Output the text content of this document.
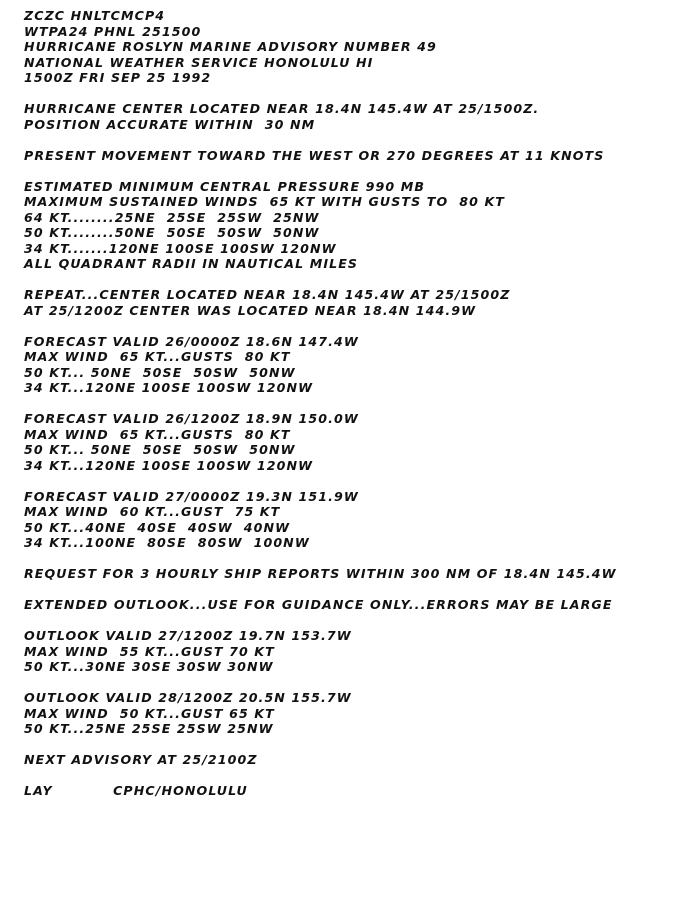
ZCZC HNLTCMCP4
WTPA24 PHNL 251500
HURRICANE ROSLYN MARINE ADVISORY NUMBER 49
NATIONAL WEATHER SERVICE HONOLULU HI
1500Z FRI SEP 25 1992
HURRICANE CENTER LOCATED NEAR 18.4N 145.4W AT 25/1500Z.
POSITION ACCURATE WITHIN  30 NM
PRESENT MOVEMENT TOWARD THE WEST OR 270 DEGREES AT 11 KNOTS
ESTIMATED MINIMUM CENTRAL PRESSURE 990 MB
MAXIMUM SUSTAINED WINDS  65 KT WITH GUSTS TO  80 KT
64 KT........25NE  25SE  25SW  25NW
50 KT........50NE  50SE  50SW  50NW
34 KT.......120NE 100SE 100SW 120NW
ALL QUADRANT RADII IN NAUTICAL MILES
REPEAT...CENTER LOCATED NEAR 18.4N 145.4W AT 25/1500Z
AT 25/1200Z CENTER WAS LOCATED NEAR 18.4N 144.9W
FORECAST VALID 26/0000Z 18.6N 147.4W
MAX WIND  65 KT...GUSTS  80 KT
50 KT... 50NE  50SE  50SW  50NW
34 KT...120NE 100SE 100SW 120NW
FORECAST VALID 26/1200Z 18.9N 150.0W
MAX WIND  65 KT...GUSTS  80 KT
50 KT... 50NE  50SE  50SW  50NW
34 KT...120NE 100SE 100SW 120NW
FORECAST VALID 27/0000Z 19.3N 151.9W
MAX WIND  60 KT...GUST  75 KT
50 KT...40NE  40SE  40SW  40NW
34 KT...100NE  80SE  80SW  100NW
REQUEST FOR 3 HOURLY SHIP REPORTS WITHIN 300 NM OF 18.4N 145.4W
EXTENDED OUTLOOK...USE FOR GUIDANCE ONLY...ERRORS MAY BE LARGE
OUTLOOK VALID 27/1200Z 19.7N 153.7W
MAX WIND  55 KT...GUST 70 KT
50 KT...30NE 30SE 30SW 30NW
OUTLOOK VALID 28/1200Z 20.5N 155.7W
MAX WIND  50 KT...GUST 65 KT
50 KT...25NE 25SE 25SW 25NW
NEXT ADVISORY AT 25/2100Z
LAY	CPHC/HONOLULU
